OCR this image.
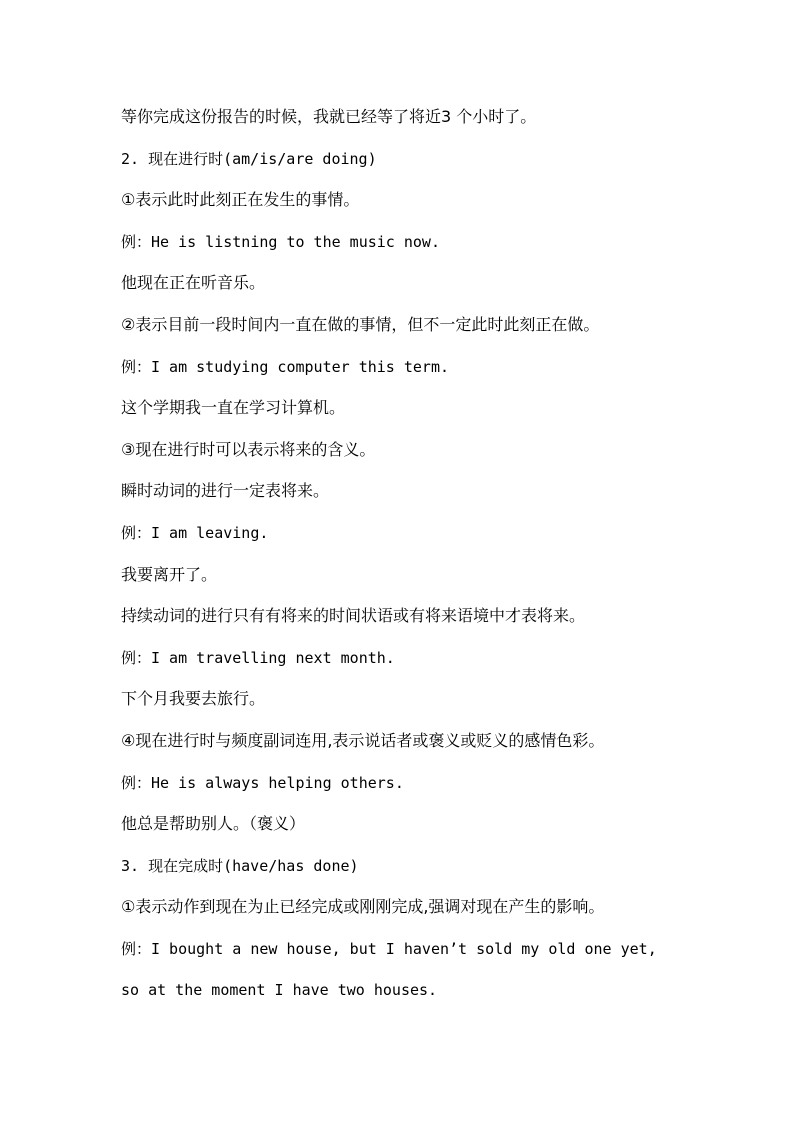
等你完成这份报告的时候，我就已经等了将近3 个小时了。
2. 现在进行时(am/is/are doing)
①表示此时此刻正在发生的事情。
例：He is listning to the music now.
他现在正在听音乐。
②表示目前一段时间内一直在做的事情，但不一定此时此刻正在做。
例：I am studying computer this term.
这个学期我一直在学习计算机。
③现在进行时可以表示将来的含义。
瞬时动词的进行一定表将来。
例：I am leaving.
我要离开了。
持续动词的进行只有有将来的时间状语或有将来语境中才表将来。
例：I am travelling next month.
下个月我要去旅行。
④现在进行时与频度副词连用,表示说话者或褒义或贬义的感情色彩。
例：He is always helping others.
他总是帮助别人。（褒义）
3. 现在完成时(have/has done)
①表示动作到现在为止已经完成或刚刚完成,强调对现在产生的影响。
例：I bought a new house, but I haven’t sold my old one yet,
so at the moment I have two houses.
